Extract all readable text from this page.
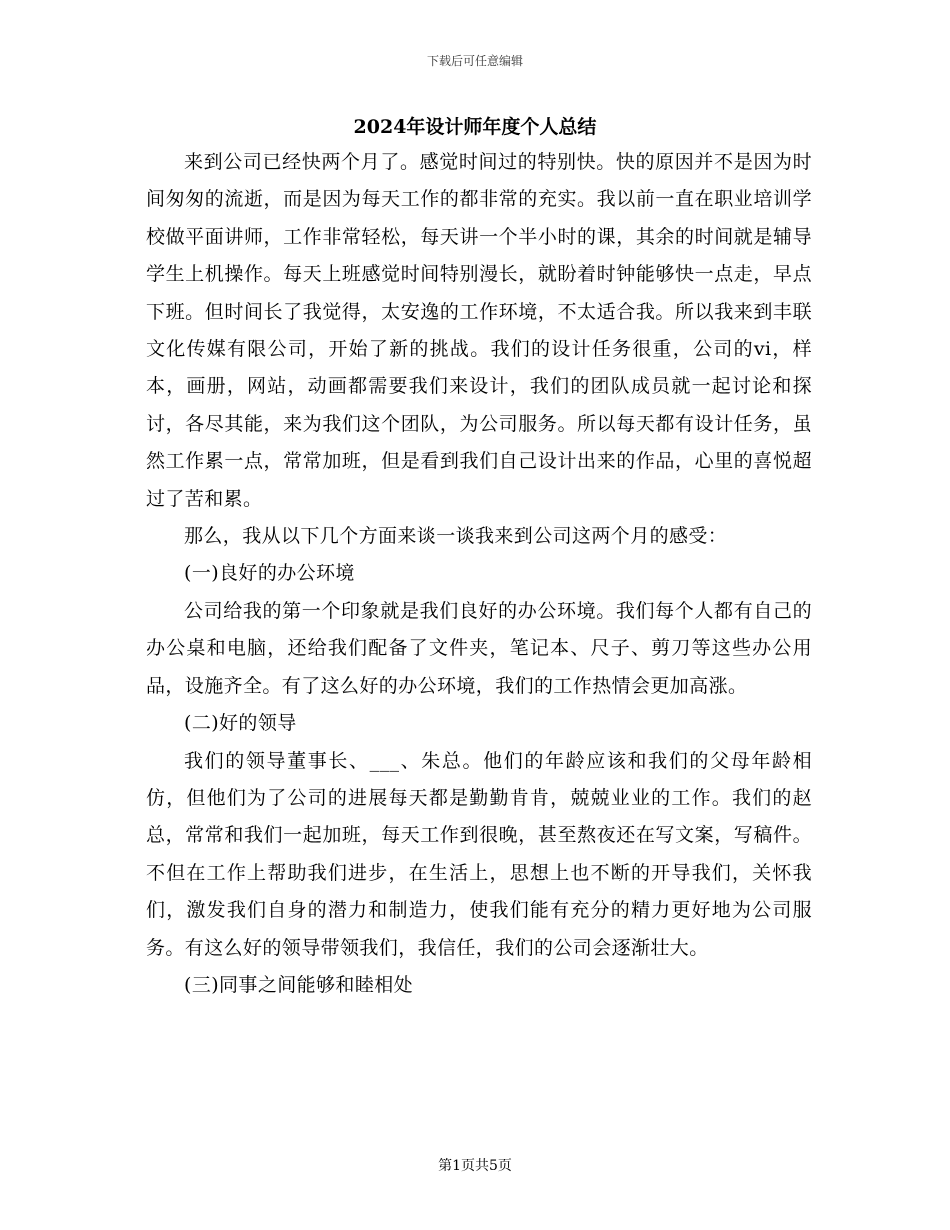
下载后可任意编辑
2024年设计师年度个人总结

来到公司已经快两个月了。感觉时间过的特别快。快的原因并不是因为时间匆匆的流逝，而是因为每天工作的都非常的充实。我以前一直在职业培训学校做平面讲师，工作非常轻松，每天讲一个半小时的课，其余的时间就是辅导学生上机操作。每天上班感觉时间特别漫长，就盼着时钟能够快一点走，早点下班。但时间长了我觉得，太安逸的工作环境，不太适合我。所以我来到丰联文化传媒有限公司，开始了新的挑战。我们的设计任务很重，公司的vi，样本，画册，网站，动画都需要我们来设计，我们的团队成员就一起讨论和探讨，各尽其能，来为我们这个团队，为公司服务。所以每天都有设计任务，虽然工作累一点，常常加班，但是看到我们自己设计出来的作品，心里的喜悦超过了苦和累。

那么，我从以下几个方面来谈一谈我来到公司这两个月的感受：

(一)良好的办公环境

公司给我的第一个印象就是我们良好的办公环境。我们每个人都有自己的办公桌和电脑，还给我们配备了文件夹，笔记本、尺子、剪刀等这些办公用品，设施齐全。有了这么好的办公环境，我们的工作热情会更加高涨。

(二)好的领导

我们的领导董事长、___、朱总。他们的年龄应该和我们的父母年龄相仿，但他们为了公司的进展每天都是勤勤肯肯，兢兢业业的工作。我们的赵总，常常和我们一起加班，每天工作到很晚，甚至熬夜还在写文案，写稿件。不但在工作上帮助我们进步，在生活上，思想上也不断的开导我们，关怀我们，激发我们自身的潜力和制造力，使我们能有充分的精力更好地为公司服务。有这么好的领导带领我们，我信任，我们的公司会逐渐壮大。

(三)同事之间能够和睦相处

第1页共5页
